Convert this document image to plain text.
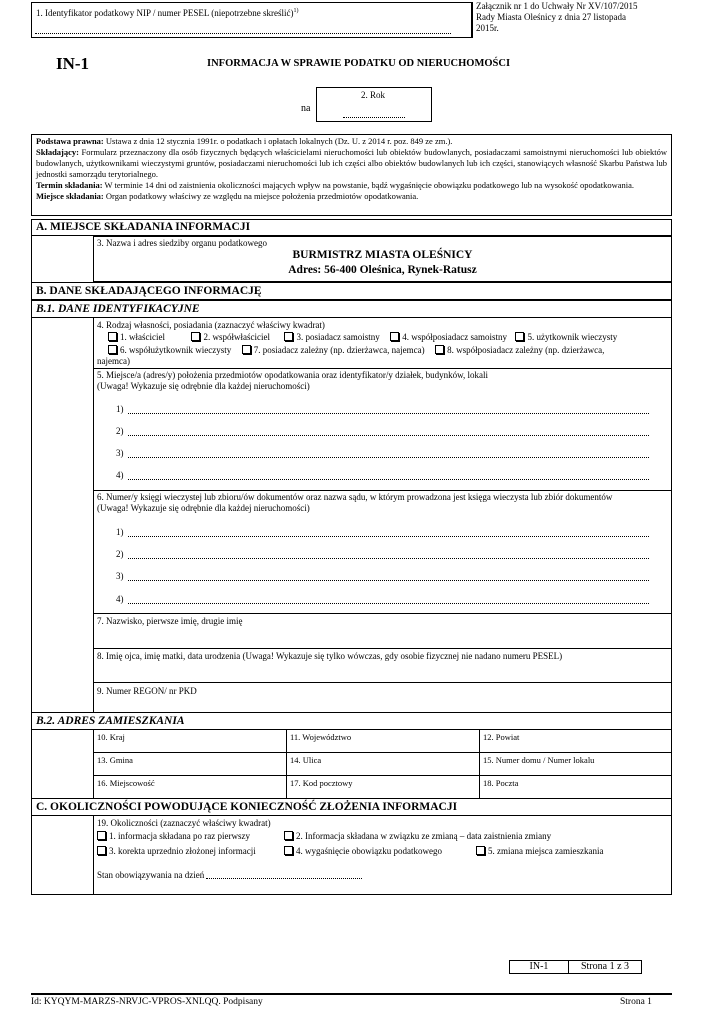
1. Identyfikator podatkowy NIP / numer PESEL (niepotrzebne skreślić)$^{1)}$	Załącznik nr 1 do Uchwały Nr XV/107/2015
Rady Miasta Oleśnicy z dnia 27 listopada
2015r.
IN-1	INFORMACJA W SPRAWIE PODATKU OD NIERUCHOMOŚCI
na
2. Rok
Podstawa prawna: Ustawa z dnia 12 stycznia 1991r. o podatkach i opłatach lokalnych (Dz. U. z 2014 r. poz. 849 ze zm.).
Składający: Formularz przeznaczony dla osób fizycznych będących właścicielami nieruchomości lub obiektów budowlanych, posiadaczami samoistnymi nieruchomości lub obiektów budowlanych, użytkownikami wieczystymi gruntów, posiadaczami nieruchomości lub ich części albo obiektów budowlanych lub ich części, stanowiących własność Skarbu Państwa lub jednostki samorządu terytorialnego.
Termin składania: W terminie 14 dni od zaistnienia okoliczności mających wpływ na powstanie, bądź wygaśnięcie obowiązku podatkowego lub na wysokość opodatkowania.
Miejsce składania: Organ podatkowy właściwy ze względu na miejsce położenia przedmiotów opodatkowania.
A. MIEJSCE SKŁADANIA INFORMACJI
3. Nazwa i adres siedziby organu podatkowego
BURMISTRZ MIASTA OLEŚNICY
Adres: 56-400 Oleśnica, Rynek-Ratusz
B. DANE SKŁADAJĄCEGO INFORMACJĘ
B.1. DANE IDENTYFIKACYJNE
4. Rodzaj własności, posiadania (zaznaczyć właściwy kwadrat)
1. właściciel	2. współwłaściciel	3. posiadacz samoistny	4. współposiadacz samoistny 5. użytkownik wieczysty
6. współużytkownik wieczysty	7. posiadacz zależny (np. dzierżawca, najemca)	8. współposiadacz zależny (np. dzierżawca,
najemca)
5. Miejsce/a (adres/y) położenia przedmiotów opodatkowania oraz identyfikator/y działek, budynków, lokali
(Uwaga! Wykazuje się odrębnie dla każdej nieruchomości)
1)
2)
3)
4)
6. Numer/y księgi wieczystej lub zbioru/ów dokumentów oraz nazwa sądu, w którym prowadzona jest księga wieczysta lub zbiór dokumentów
(Uwaga! Wykazuje się odrębnie dla każdej nieruchomości)
1)
2)
3)
4)
7. Nazwisko, pierwsze imię, drugie imię
8. Imię ojca, imię matki, data urodzenia (Uwaga! Wykazuje się tylko wówczas, gdy osobie fizycznej nie nadano numeru PESEL)
9. Numer REGON/ nr PKD
B.2. ADRES ZAMIESZKANIA
10. Kraj	11. Województwo	12. Powiat
13. Gmina	14. Ulica	15. Numer domu / Numer lokalu
16. Miejscowość	17. Kod pocztowy	18. Poczta
C. OKOLICZNOŚCI POWODUJĄCE KONIECZNOŚĆ ZŁOŻENIA INFORMACJI
19. Okoliczności (zaznaczyć właściwy kwadrat)
1. informacja składana po raz pierwszy	2. Informacja składana w związku ze zmianą – data zaistnienia zmiany
3. korekta uprzednio złożonej informacji	4. wygaśnięcie obowiązku podatkowego	5. zmiana miejsca zamieszkania
Stan obowiązywania na dzień
IN-1	Strona 1 z 3
Id: KYQYM-MARZS-NRVJC-VPROS-XNLQQ. Podpisany	Strona 1
